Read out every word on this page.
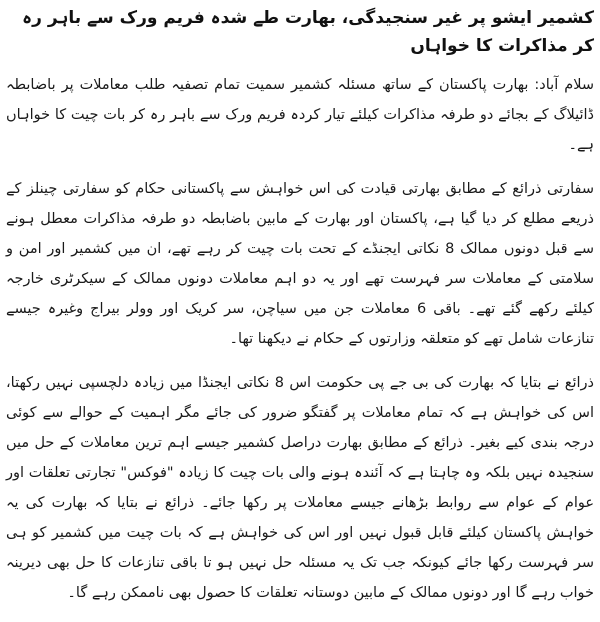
کشمیر ایشو پر غیر سنجیدگی، بھارت طے شدہ فریم ورک سے باہر رہ کر مذاکرات کا خواہاں

سلام آباد: بھارت پاکستان کے ساتھ مسئلہ کشمیر سمیت تمام تصفیہ طلب معاملات پر باضابطہ ڈائیلاگ کے بجائے دو طرفہ مذاکرات کیلئے تیار کردہ فریم ورک سے باہر رہ کر بات چیت کا خواہاں ہے۔

سفارتی ذرائع کے مطابق بھارتی قیادت کی اس خواہش سے پاکستانی حکام کو سفارتی چینلز کے ذریعے مطلع کر دیا گیا ہے، پاکستان اور بھارت کے مابین باضابطہ دو طرفہ مذاکرات معطل ہونے سے قبل دونوں ممالک 8 نکاتی ایجنڈے کے تحت بات چیت کر رہے تھے، ان میں کشمیر اور امن و سلامتی کے معاملات سر فہرست تھے اور یہ دو اہم معاملات دونوں ممالک کے سیکرٹری خارجہ کیلئے رکھے گئے تھے۔ باقی 6 معاملات جن میں سیاچن، سر کریک اور وولر بیراج وغیرہ جیسے تنازعات شامل تھے کو متعلقہ وزارتوں کے حکام نے دیکھنا تھا۔

ذرائع نے بتایا کہ بھارت کی بی جے پی حکومت اس 8 نکاتی ایجنڈا میں زیادہ دلچسپی نہیں رکھتا، اس کی خواہش ہے کہ تمام معاملات پر گفتگو ضرور کی جائے مگر اہمیت کے حوالے سے کوئی درجہ بندی کیے بغیر۔ ذرائع کے مطابق بھارت دراصل کشمیر جیسے اہم ترین معاملات کے حل میں سنجیدہ نہیں بلکہ وہ چاہتا ہے کہ آئندہ ہونے والی بات چیت کا زیادہ "فوکس" تجارتی تعلقات اور عوام کے عوام سے روابط بڑھانے جیسے معاملات پر رکھا جائے۔ ذرائع نے بتایا کہ بھارت کی یہ خواہش پاکستان کیلئے قابل قبول نہیں اور اس کی خواہش ہے کہ بات چیت میں کشمیر کو ہی سر فہرست رکھا جائے کیونکہ جب تک یہ مسئلہ حل نہیں ہو تا باقی تنازعات کا حل بھی دیرینہ خواب رہے گا اور دونوں ممالک کے مابین دوستانہ تعلقات کا حصول بھی ناممکن رہے گا۔
